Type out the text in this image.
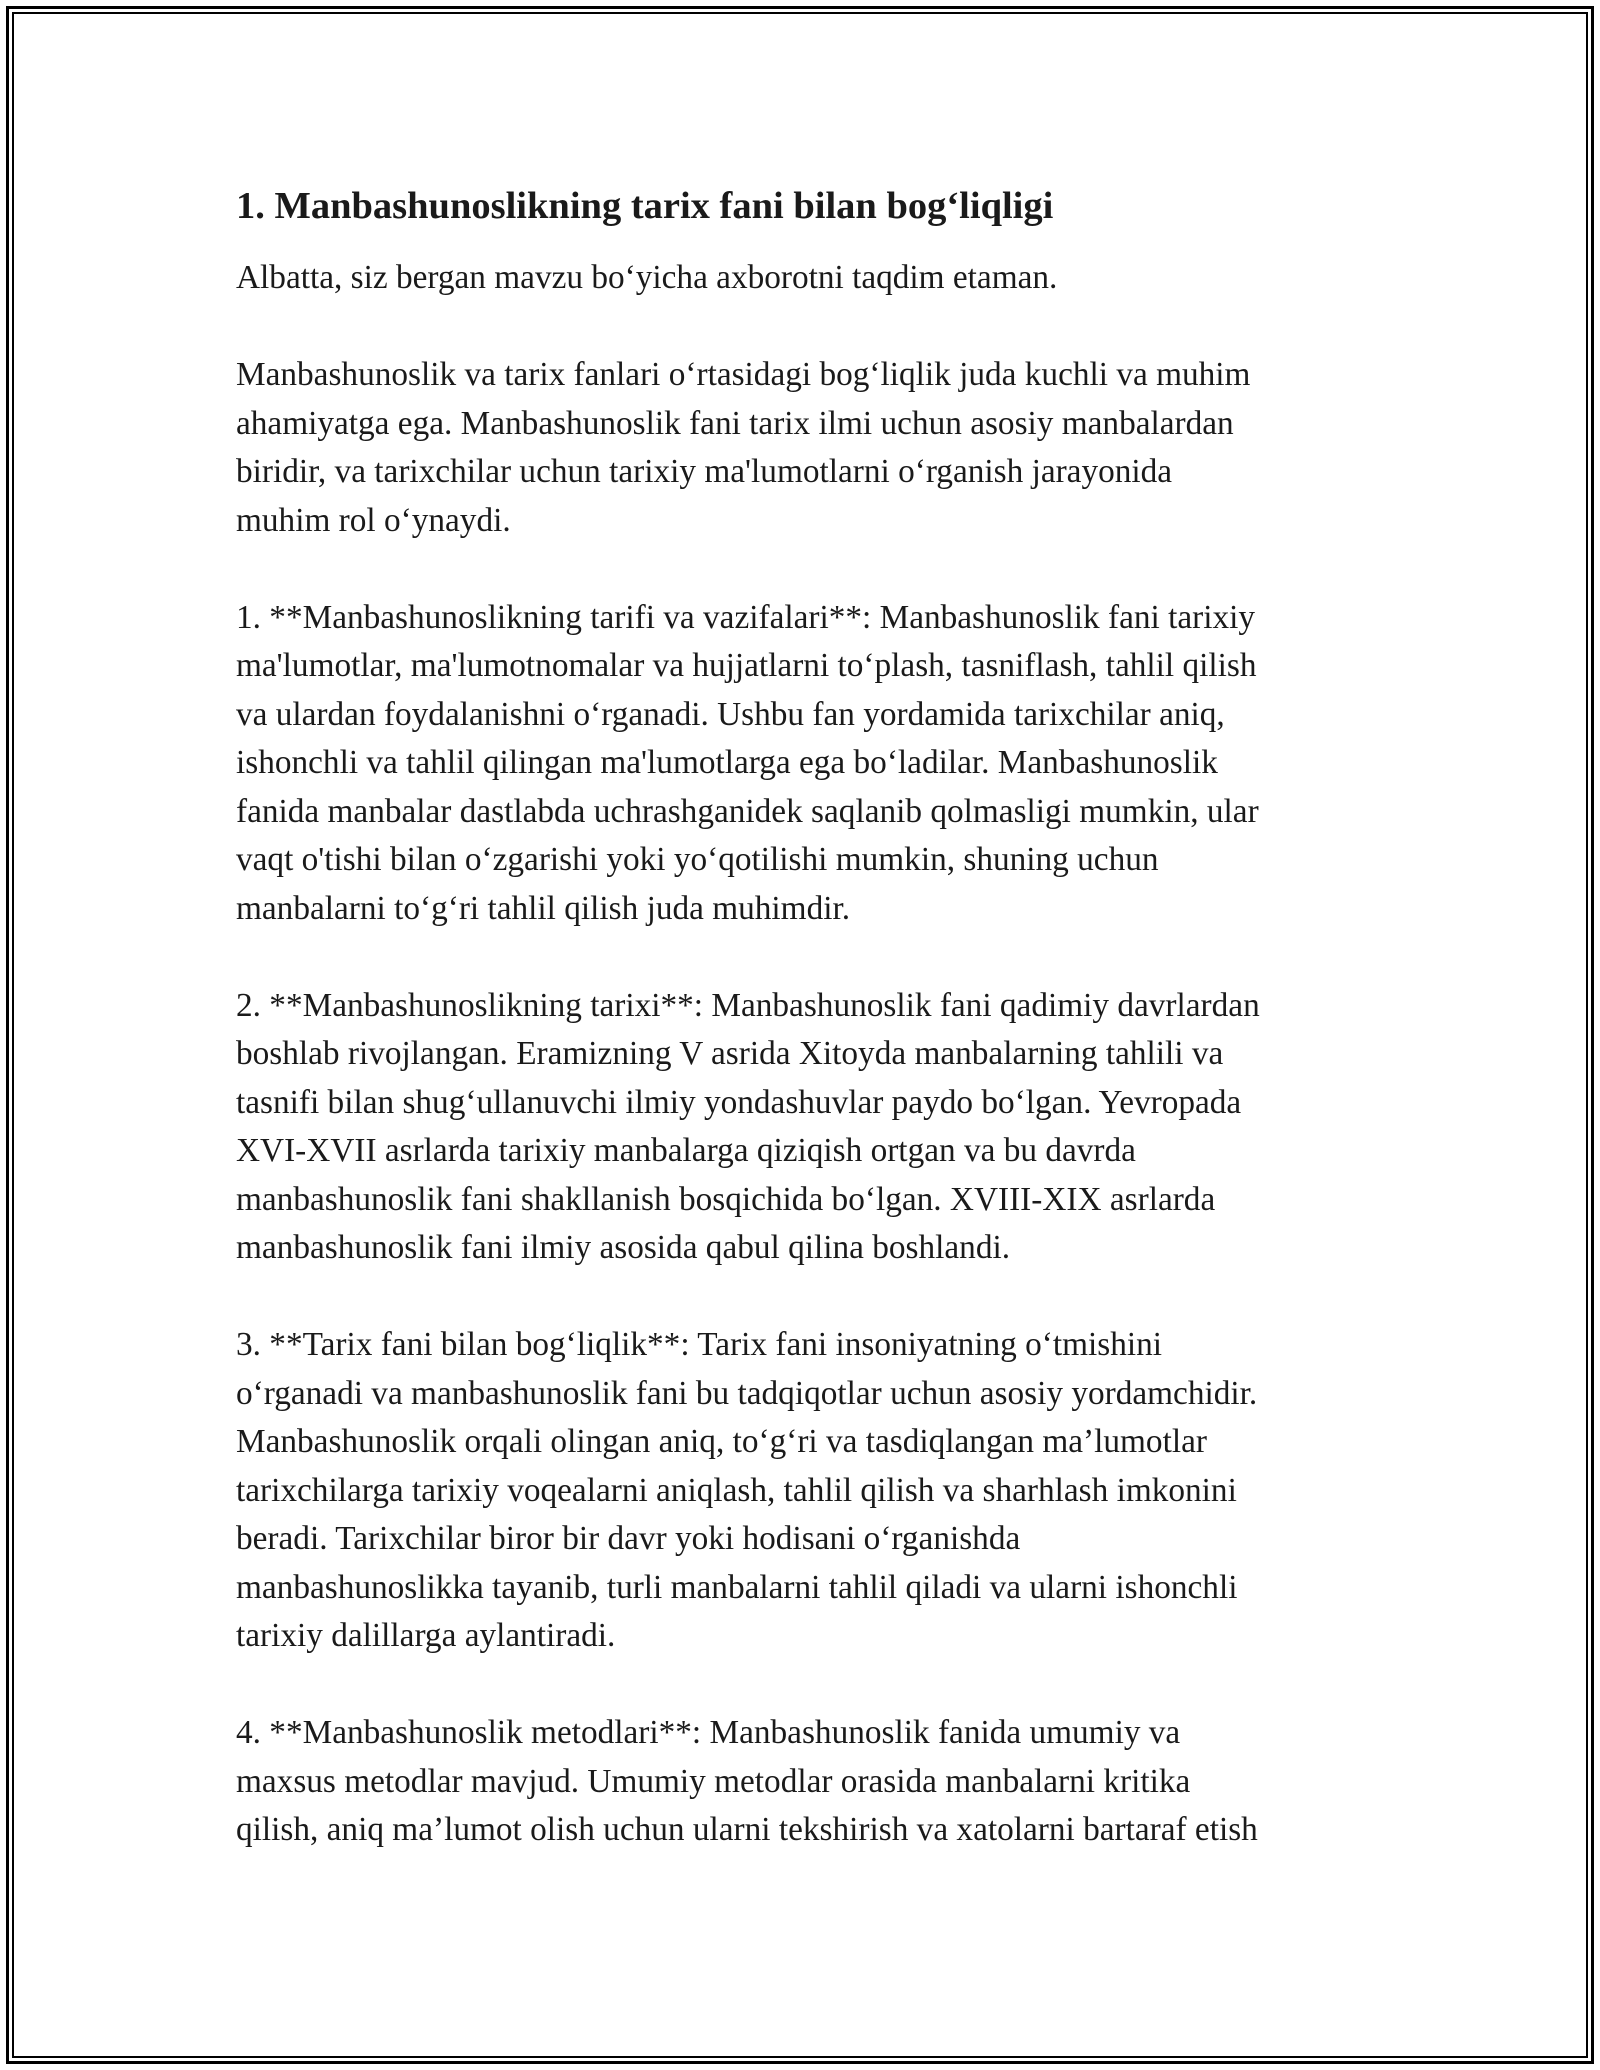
1. Manbashunoslikning tarix fani bilan bog‘liqligi

Albatta, siz bergan mavzu bo‘yicha axborotni taqdim etaman.

Manbashunoslik va tarix fanlari o‘rtasidagi bog‘liqlik juda kuchli va muhim
ahamiyatga ega. Manbashunoslik fani tarix ilmi uchun asosiy manbalardan
biridir, va tarixchilar uchun tarixiy ma'lumotlarni o‘rganish jarayonida
muhim rol o‘ynaydi.

1. **Manbashunoslikning tarifi va vazifalari**: Manbashunoslik fani tarixiy
ma'lumotlar, ma'lumotnomalar va hujjatlarni to‘plash, tasniflash, tahlil qilish
va ulardan foydalanishni o‘rganadi. Ushbu fan yordamida tarixchilar aniq,
ishonchli va tahlil qilingan ma'lumotlarga ega bo‘ladilar. Manbashunoslik
fanida manbalar dastlabda uchrashganidek saqlanib qolmasligi mumkin, ular
vaqt o'tishi bilan o‘zgarishi yoki yo‘qotilishi mumkin, shuning uchun
manbalarni to‘g‘ri tahlil qilish juda muhimdir.

2. **Manbashunoslikning tarixi**: Manbashunoslik fani qadimiy davrlardan
boshlab rivojlangan. Eramizning V asrida Xitoyda manbalarning tahlili va
tasnifi bilan shug‘ullanuvchi ilmiy yondashuvlar paydo bo‘lgan. Yevropada
XVI-XVII asrlarda tarixiy manbalarga qiziqish ortgan va bu davrda
manbashunoslik fani shakllanish bosqichida bo‘lgan. XVIII-XIX asrlarda
manbashunoslik fani ilmiy asosida qabul qilina boshlandi.

3. **Tarix fani bilan bog‘liqlik**: Tarix fani insoniyatning o‘tmishini
o‘rganadi va manbashunoslik fani bu tadqiqotlar uchun asosiy yordamchidir.
Manbashunoslik orqali olingan aniq, to‘g‘ri va tasdiqlangan ma’lumotlar
tarixchilarga tarixiy voqealarni aniqlash, tahlil qilish va sharhlash imkonini
beradi. Tarixchilar biror bir davr yoki hodisani o‘rganishda
manbashunoslikka tayanib, turli manbalarni tahlil qiladi va ularni ishonchli
tarixiy dalillarga aylantiradi.

4. **Manbashunoslik metodlari**: Manbashunoslik fanida umumiy va
maxsus metodlar mavjud. Umumiy metodlar orasida manbalarni kritika
qilish, aniq ma’lumot olish uchun ularni tekshirish va xatolarni bartaraf etish
